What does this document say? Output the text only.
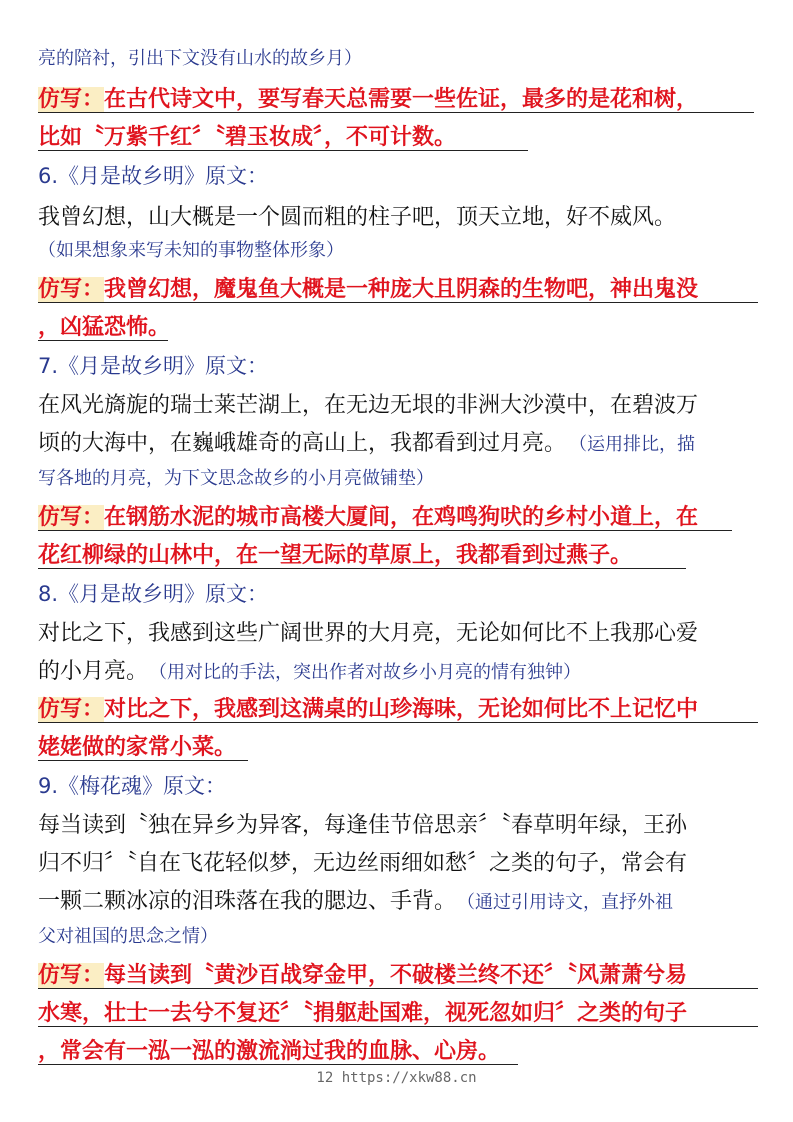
亮的陪衬，引出下文没有山水的故乡月）
仿写：在古代诗文中，要写春天总需要一些佐证，最多的是花和树，
比如〝万紫千红〞〝碧玉妆成〞，不可计数。
6.《月是故乡明》原文：
我曾幻想，山大概是一个圆而粗的柱子吧，顶天立地，好不威风。
（如果想象来写未知的事物整体形象）
仿写：我曾幻想，魔鬼鱼大概是一种庞大且阴森的生物吧，神出鬼没
，凶猛恐怖。
7.《月是故乡明》原文：
在风光旖旎的瑞士莱芒湖上，在无边无垠的非洲大沙漠中，在碧波万
顷的大海中，在巍峨雄奇的高山上，我都看到过月亮。 （运用排比，描
写各地的月亮，为下文思念故乡的小月亮做铺垫）
仿写：在钢筋水泥的城市高楼大厦间，在鸡鸣狗吠的乡村小道上，在
花红柳绿的山林中，在一望无际的草原上，我都看到过燕子。
8.《月是故乡明》原文：
对比之下，我感到这些广阔世界的大月亮，无论如何比不上我那心爱
的小月亮。 （用对比的手法，突出作者对故乡小月亮的情有独钟）
仿写：对比之下，我感到这满桌的山珍海味，无论如何比不上记忆中
姥姥做的家常小菜。
9.《梅花魂》原文：
每当读到〝独在异乡为异客，每逢佳节倍思亲〞〝春草明年绿，王孙
归不归〞〝自在飞花轻似梦，无边丝雨细如愁〞之类的句子，常会有
一颗二颗冰凉的泪珠落在我的腮边、手背。 （通过引用诗文，直抒外祖
父对祖国的思念之情）
仿写：每当读到〝黄沙百战穿金甲，不破楼兰终不还〞〝风萧萧兮易
水寒，壮士一去兮不复还〞〝捐躯赴国难，视死忽如归〞之类的句子
，常会有一泓一泓的激流淌过我的血脉、心房。
12 https://xkw88.cn
